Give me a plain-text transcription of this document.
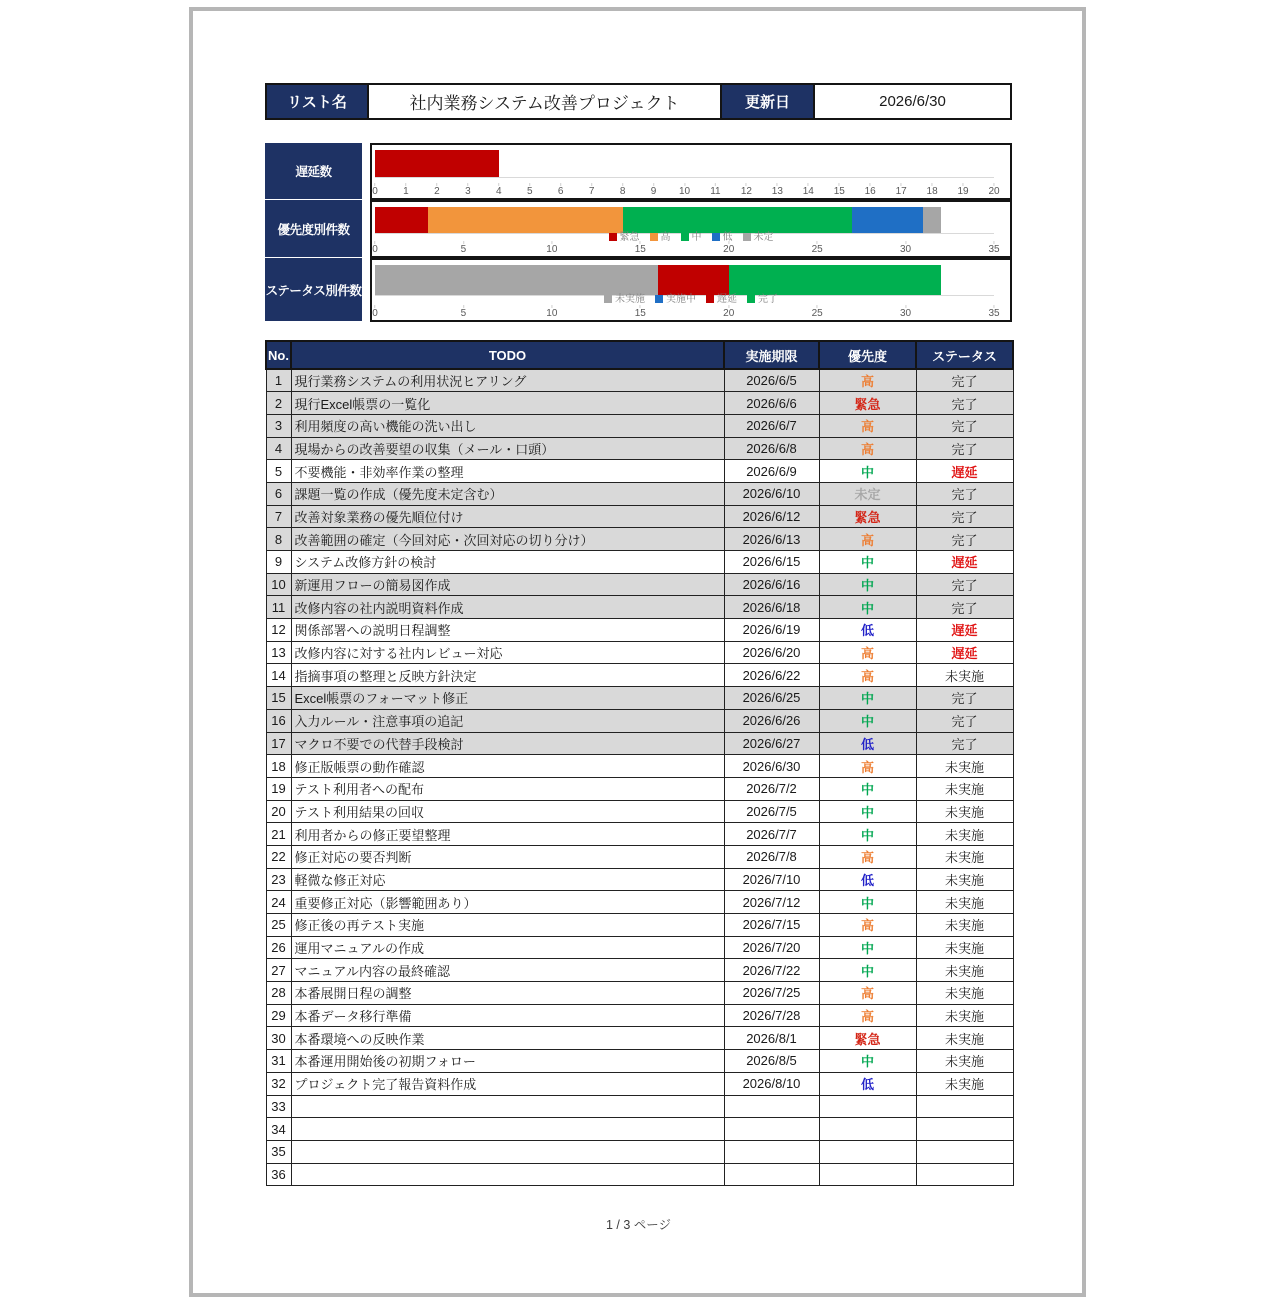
リスト名	社内業務システム改善プロジェクト	更新日	2026/6/30
遅延数
0	1	2	3	4	5	6	7	8	9 10 11 12 13 14 15 16 17 18 19 20
優先度別件数
緊急 高 中 低 未定
0	5	10	15	20	25	30	35
ステータス別件数
未実施 実施中 遅延 完了
0	5	10	15	20	25	30	35
No.	TODO	実施期限	優先度	ステータス
1	現行業務システムの利用状況ヒアリング	2026/6/5	高	完了
2	現行Excel帳票の一覧化	2026/6/6	緊急	完了
3	利用頻度の高い機能の洗い出し	2026/6/7	高	完了
4	現場からの改善要望の収集（メール・口頭）	2026/6/8	高	完了
5	不要機能・非効率作業の整理	2026/6/9	中	遅延
6	課題一覧の作成（優先度未定含む）	2026/6/10	未定	完了
7	改善対象業務の優先順位付け	2026/6/12	緊急	完了
8	改善範囲の確定（今回対応・次回対応の切り分け）	2026/6/13	高	完了
9	システム改修方針の検討	2026/6/15	中	遅延
10	新運用フローの簡易図作成	2026/6/16	中	完了
11	改修内容の社内説明資料作成	2026/6/18	中	完了
12	関係部署への説明日程調整	2026/6/19	低	遅延
13	改修内容に対する社内レビュー対応	2026/6/20	高	遅延
14	指摘事項の整理と反映方針決定	2026/6/22	高	未実施
15	Excel帳票のフォーマット修正	2026/6/25	中	完了
16	入力ルール・注意事項の追記	2026/6/26	中	完了
17	マクロ不要での代替手段検討	2026/6/27	低	完了
18	修正版帳票の動作確認	2026/6/30	高	未実施
19	テスト利用者への配布	2026/7/2	中	未実施
20	テスト利用結果の回収	2026/7/5	中	未実施
21	利用者からの修正要望整理	2026/7/7	中	未実施
22	修正対応の要否判断	2026/7/8	高	未実施
23	軽微な修正対応	2026/7/10	低	未実施
24	重要修正対応（影響範囲あり）	2026/7/12	中	未実施
25	修正後の再テスト実施	2026/7/15	高	未実施
26	運用マニュアルの作成	2026/7/20	中	未実施
27	マニュアル内容の最終確認	2026/7/22	中	未実施
28	本番展開日程の調整	2026/7/25	高	未実施
29	本番データ移行準備	2026/7/28	高	未実施
30	本番環境への反映作業	2026/8/1	緊急	未実施
31	本番運用開始後の初期フォロー	2026/8/5	中	未実施
32	プロジェクト完了報告資料作成	2026/8/10	低	未実施
33				
34				
35				
36				
1 / 3 ページ
